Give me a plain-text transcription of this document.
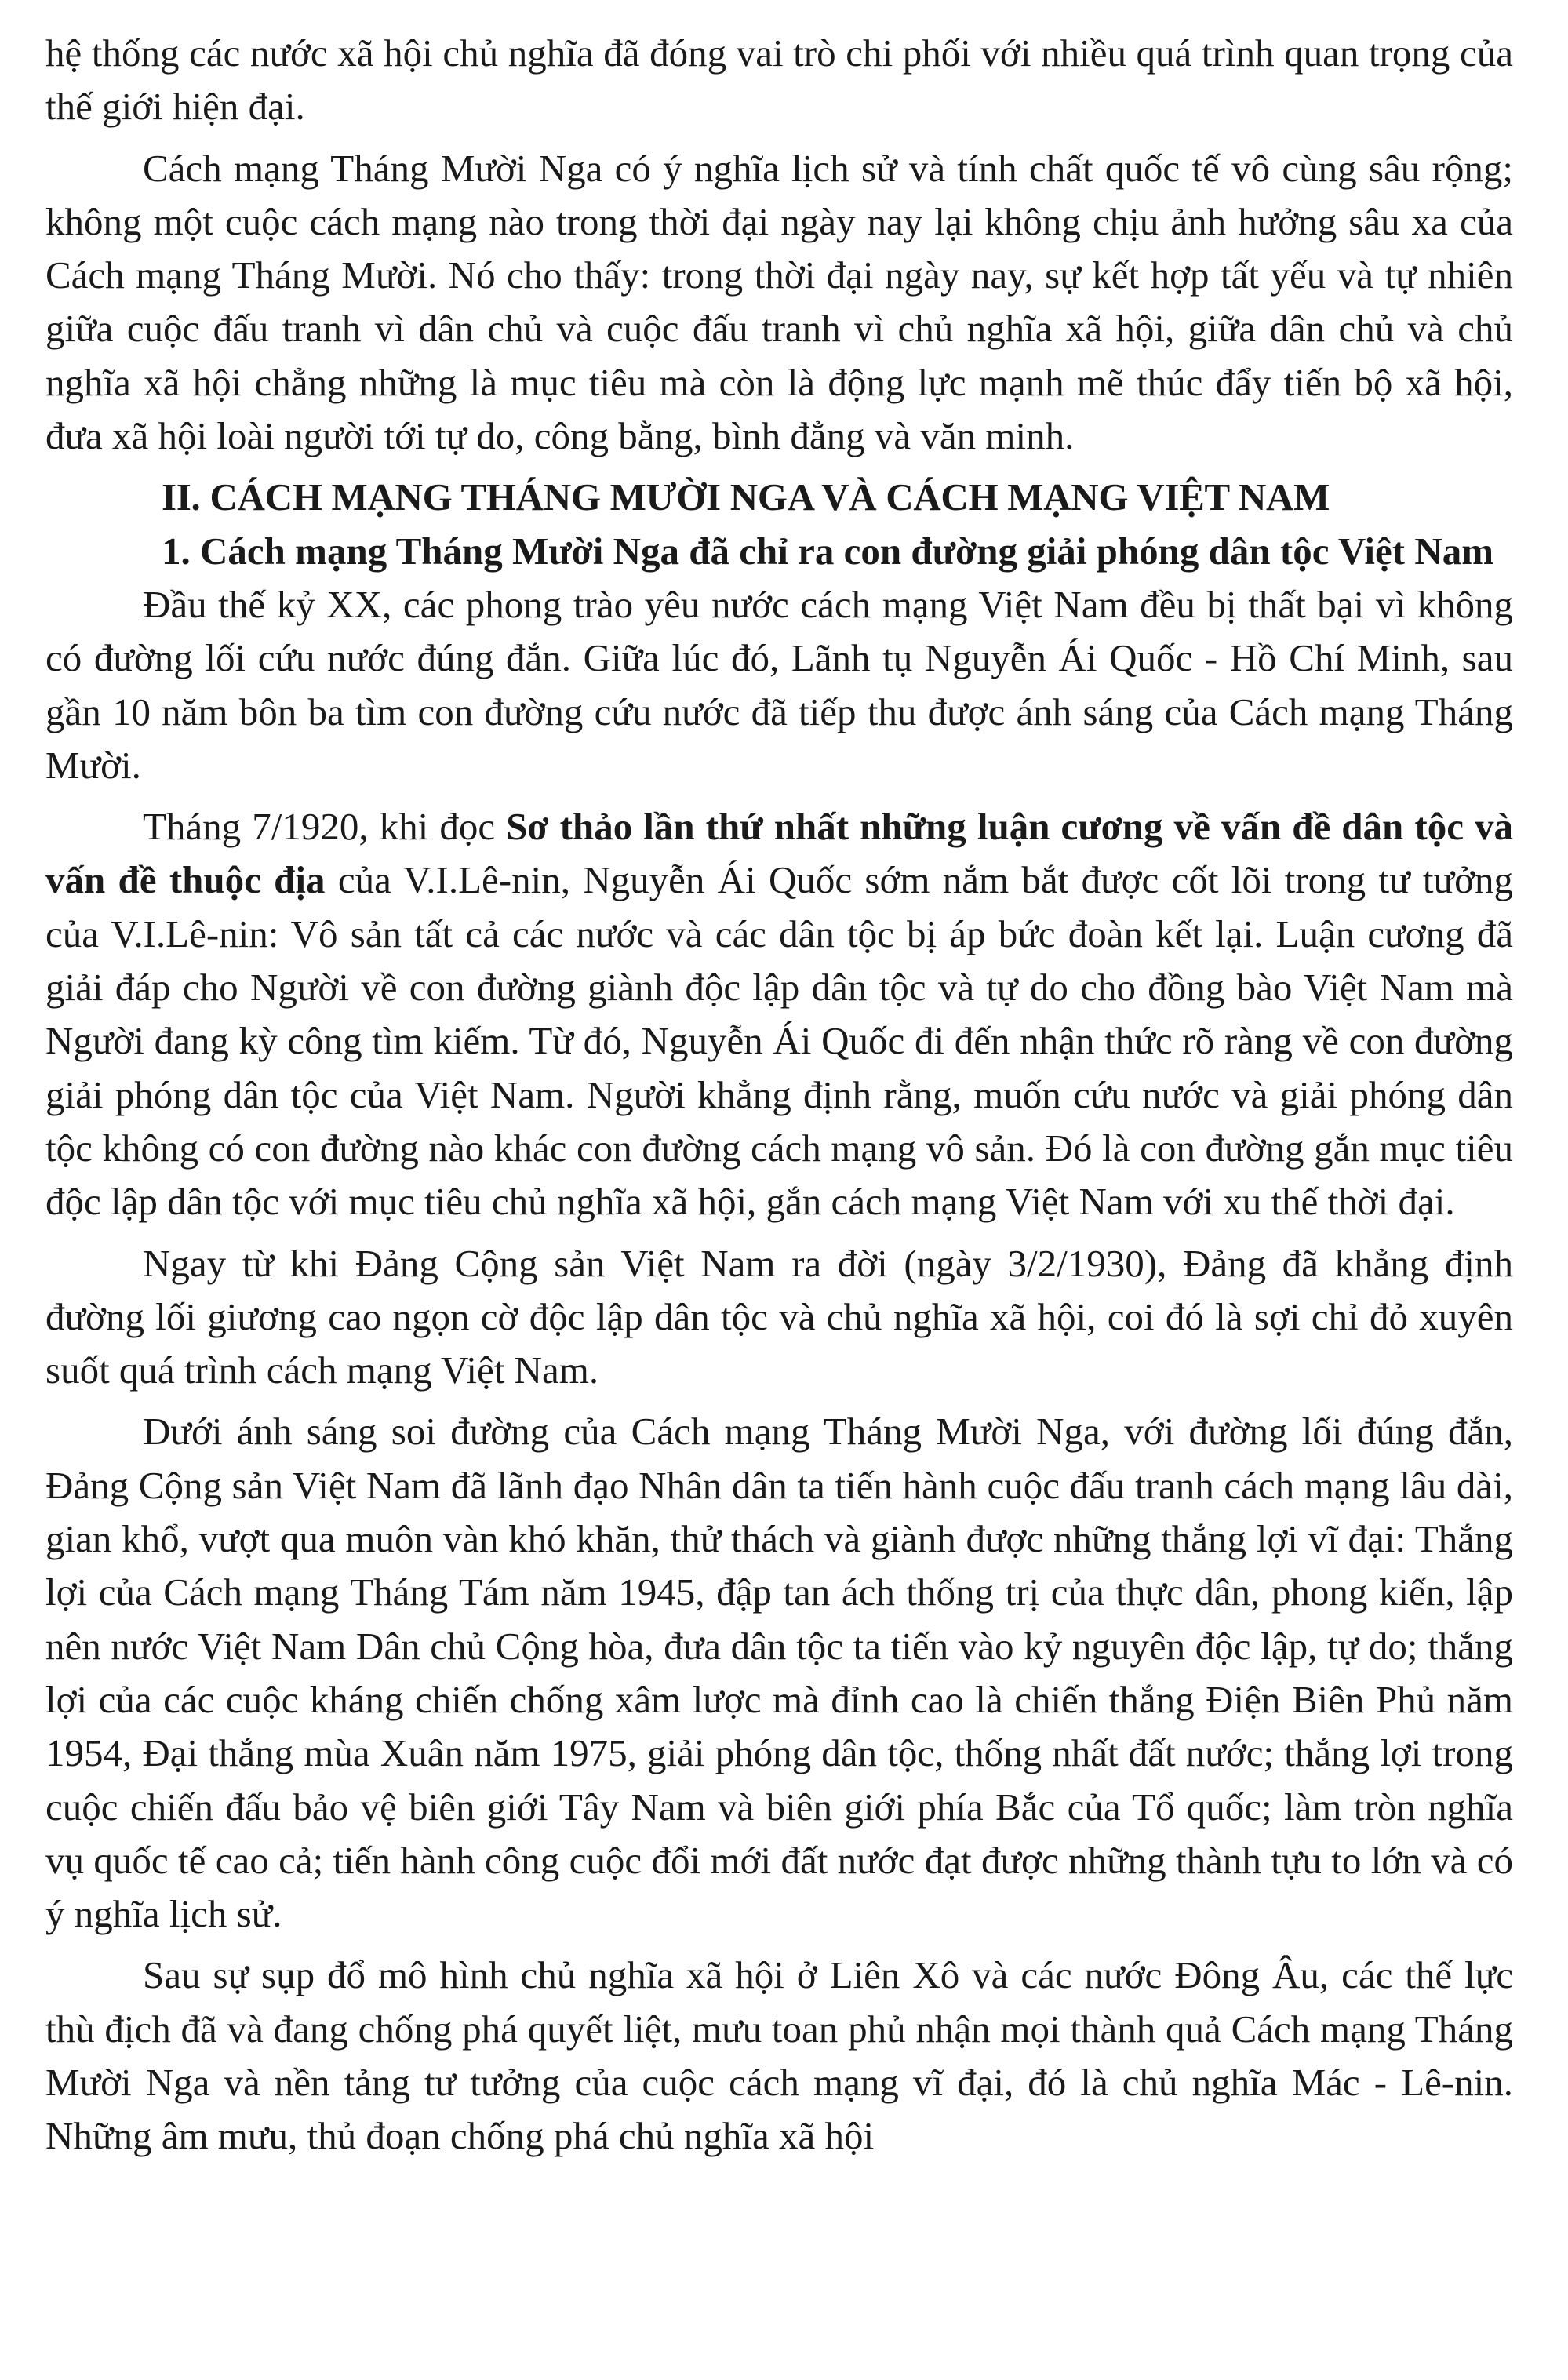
hệ thống các nước xã hội chủ nghĩa đã đóng vai trò chi phối với nhiều quá trình quan trọng của thế giới hiện đại.

Cách mạng Tháng Mười Nga có ý nghĩa lịch sử và tính chất quốc tế vô cùng sâu rộng; không một cuộc cách mạng nào trong thời đại ngày nay lại không chịu ảnh hưởng sâu xa của Cách mạng Tháng Mười. Nó cho thấy: trong thời đại ngày nay, sự kết hợp tất yếu và tự nhiên giữa cuộc đấu tranh vì dân chủ và cuộc đấu tranh vì chủ nghĩa xã hội, giữa dân chủ và chủ nghĩa xã hội chẳng những là mục tiêu mà còn là động lực mạnh mẽ thúc đẩy tiến bộ xã hội, đưa xã hội loài người tới tự do, công bằng, bình đẳng và văn minh.

II. CÁCH MẠNG THÁNG MƯỜI NGA VÀ CÁCH MẠNG VIỆT NAM
1. Cách mạng Tháng Mười Nga đã chỉ ra con đường giải phóng dân tộc Việt Nam

Đầu thế kỷ XX, các phong trào yêu nước cách mạng Việt Nam đều bị thất bại vì không có đường lối cứu nước đúng đắn. Giữa lúc đó, Lãnh tụ Nguyễn Ái Quốc - Hồ Chí Minh, sau gần 10 năm bôn ba tìm con đường cứu nước đã tiếp thu được ánh sáng của Cách mạng Tháng Mười.

Tháng 7/1920, khi đọc Sơ thảo lần thứ nhất những luận cương về vấn đề dân tộc và vấn đề thuộc địa của V.I.Lê-nin, Nguyễn Ái Quốc sớm nắm bắt được cốt lõi trong tư tưởng của V.I.Lê-nin: Vô sản tất cả các nước và các dân tộc bị áp bức đoàn kết lại. Luận cương đã giải đáp cho Người về con đường giành độc lập dân tộc và tự do cho đồng bào Việt Nam mà Người đang kỳ công tìm kiếm. Từ đó, Nguyễn Ái Quốc đi đến nhận thức rõ ràng về con đường giải phóng dân tộc của Việt Nam. Người khẳng định rằng, muốn cứu nước và giải phóng dân tộc không có con đường nào khác con đường cách mạng vô sản. Đó là con đường gắn mục tiêu độc lập dân tộc với mục tiêu chủ nghĩa xã hội, gắn cách mạng Việt Nam với xu thế thời đại.

Ngay từ khi Đảng Cộng sản Việt Nam ra đời (ngày 3/2/1930), Đảng đã khẳng định đường lối giương cao ngọn cờ độc lập dân tộc và chủ nghĩa xã hội, coi đó là sợi chỉ đỏ xuyên suốt quá trình cách mạng Việt Nam.

Dưới ánh sáng soi đường của Cách mạng Tháng Mười Nga, với đường lối đúng đắn, Đảng Cộng sản Việt Nam đã lãnh đạo Nhân dân ta tiến hành cuộc đấu tranh cách mạng lâu dài, gian khổ, vượt qua muôn vàn khó khăn, thử thách và giành được những thắng lợi vĩ đại: Thắng lợi của Cách mạng Tháng Tám năm 1945, đập tan ách thống trị của thực dân, phong kiến, lập nên nước Việt Nam Dân chủ Cộng hòa, đưa dân tộc ta tiến vào kỷ nguyên độc lập, tự do; thắng lợi của các cuộc kháng chiến chống xâm lược mà đỉnh cao là chiến thắng Điện Biên Phủ năm 1954, Đại thắng mùa Xuân năm 1975, giải phóng dân tộc, thống nhất đất nước; thắng lợi trong cuộc chiến đấu bảo vệ biên giới Tây Nam và biên giới phía Bắc của Tổ quốc; làm tròn nghĩa vụ quốc tế cao cả; tiến hành công cuộc đổi mới đất nước đạt được những thành tựu to lớn và có ý nghĩa lịch sử.

Sau sự sụp đổ mô hình chủ nghĩa xã hội ở Liên Xô và các nước Đông Âu, các thế lực thù địch đã và đang chống phá quyết liệt, mưu toan phủ nhận mọi thành quả Cách mạng Tháng Mười Nga và nền tảng tư tưởng của cuộc cách mạng vĩ đại, đó là chủ nghĩa Mác - Lê-nin. Những âm mưu, thủ đoạn chống phá chủ nghĩa xã hội
